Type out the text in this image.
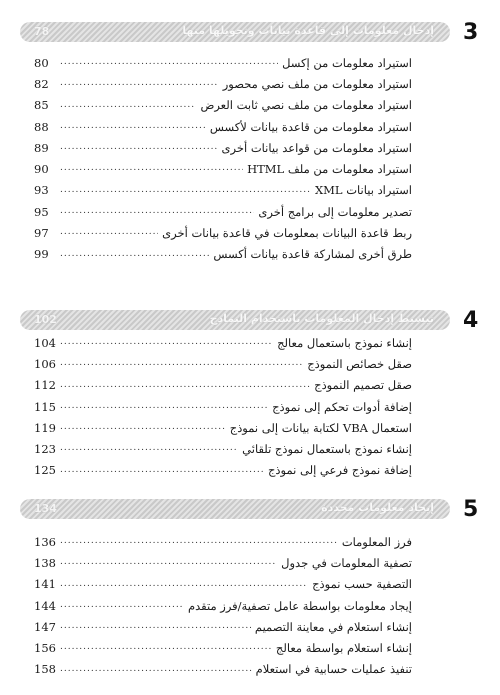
78	إدخال معلومات إلى قاعدة بيانات وتحويلها منها 3
.....
80	استيراد معلومات من إكسل
.....
82	استيراد معلومات من ملف نصي محصور
.....
85	استيراد معلومات من ملف نصي ثابت العرض
.....
88	استيراد معلومات من قاعدة بيانات لأكسس
.....
89	استيراد معلومات من قواعد بيانات أخرى
.....
90	استيراد معلومات من ملف HTML
.....
93	استيراد بيانات XML
.....
95	تصدير معلومات إلى برامج أخرى
.....
97	ربط قاعدة البيانات بمعلومات في قاعدة بيانات أخرى
.....
99	طرق أخرى لمشاركة قاعدة بيانات أكسس
102	تبسيط إدخال المعلومات باستخدام النماذج 4
.....
104	إنشاء نموذج باستعمال معالج
.....
106	صقل خصائص النموذج
.....
112	صقل تصميم النموذج
.....
115	إضافة أدوات تحكم إلى نموذج
.....
119	استعمال VBA لكتابة بيانات إلى نموذج
.....
123	إنشاء نموذج باستعمال نموذج تلقائي
.....
125	إضافة نموذج فرعي إلى نموذج
134	إيجاد معلومات محددة 5
.....
136	فرز المعلومات
.....
138	تصفية المعلومات في جدول
.....
141	التصفية حسب نموذج
.....
144	إيجاد معلومات بواسطة عامل تصفية/فرز متقدم
.....
147	إنشاء استعلام في معاينة التصميم
.....
156	إنشاء استعلام بواسطة معالج
.....
158	تنفيذ عمليات حسابية في استعلام
